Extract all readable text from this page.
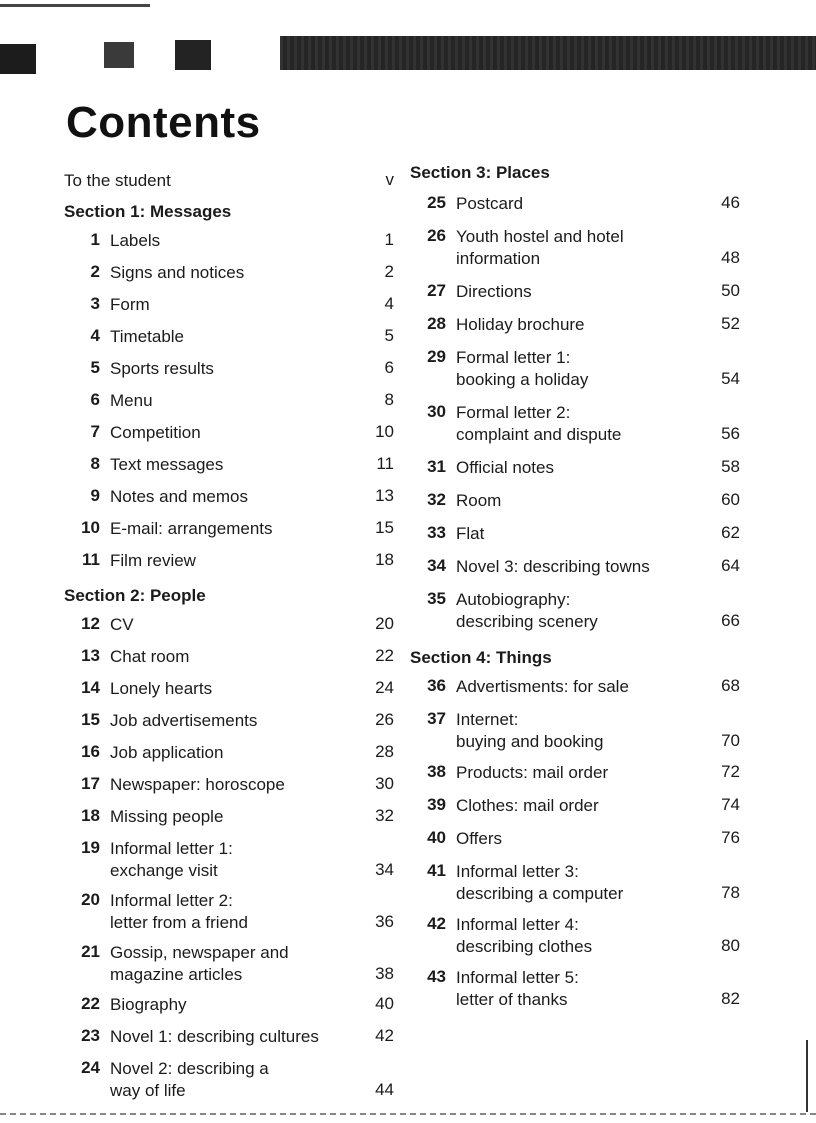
Contents
To the student	v
Section 1: Messages
1 Labels	1
2 Signs and notices	2
3 Form	4
4 Timetable	5
5 Sports results	6
6 Menu	8
7 Competition	10
8 Text messages	11
9 Notes and memos	13
10 E-mail: arrangements	15
11 Film review	18
Section 2: People
12 CV	20
13 Chat room	22
14 Lonely hearts	24
15 Job advertisements	26
16 Job application	28
17 Newspaper: horoscope	30
18 Missing people	32
19 Informal letter 1:
exchange visit	34
20 Informal letter 2:
letter from a friend	36
21 Gossip, newspaper and
magazine articles	38
22 Biography	40
23 Novel 1: describing cultures	42
24 Novel 2: describing a
way of life	44
Section 3: Places
25 Postcard	46
26 Youth hostel and hotel
information	48
27 Directions	50
28 Holiday brochure	52
29 Formal letter 1:
booking a holiday	54
30 Formal letter 2:
complaint and dispute	56
31 Official notes	58
32 Room	60
33 Flat	62
34 Novel 3: describing towns	64
35 Autobiography:
describing scenery	66
Section 4: Things
36 Advertisments: for sale	68
37 Internet:
buying and booking	70
38 Products: mail order	72
39 Clothes: mail order	74
40 Offers	76
41 Informal letter 3:
describing a computer	78
42 Informal letter 4:
describing clothes	80
43 Informal letter 5:
letter of thanks	82
